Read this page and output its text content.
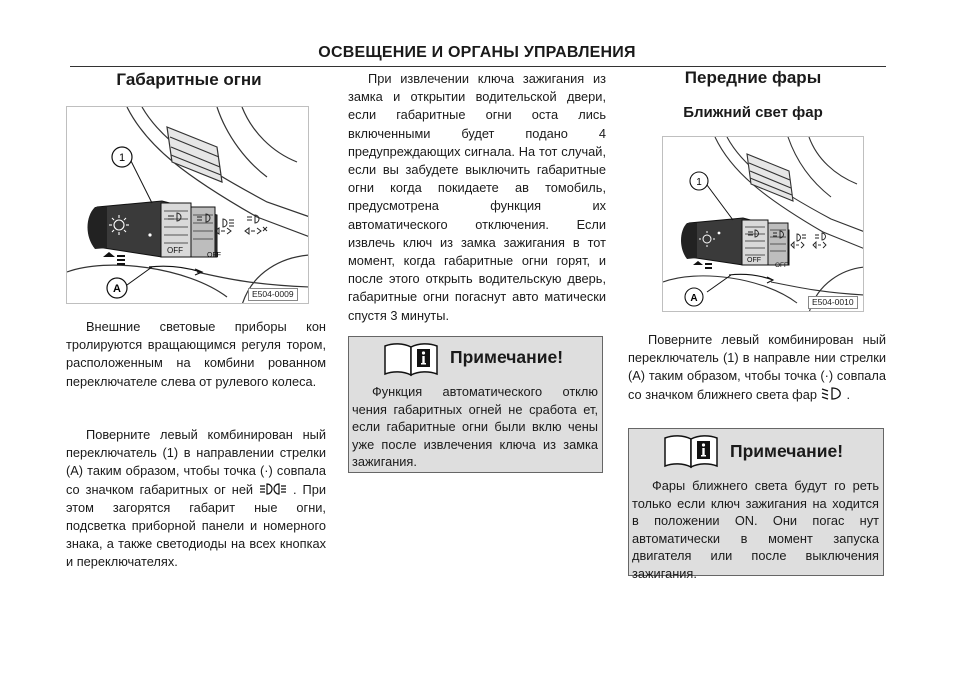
ОСВЕЩЕНИЕ И ОРГАНЫ УПРАВЛЕНИЯ
Габаритные огни
OFF
OFF
1
A	E504-0009
Внешние световые приборы кон тролируются вращающимся регуля тором, расположенным на комбини рованном переключателе слева от рулевого колеса.
Поверните левый комбинирован ный переключатель (1) в направлении стрелки (A) таким образом, чтобы точка (·) совпала со значком габаритных ог ней	. При этом загорятся габарит ные огни, подсветка приборной панели и номерного знака, а также светодиоды на всех кнопках и переключателях.
При извлечении ключа зажигания из замка и открытии водительской двери, если габаритные огни оста лись включенными будет подано 4 предупреждающих сигнала. На тот случай, если вы забудете выключить габаритные огни когда покидаете ав томобиль, предусмотрена функция их автоматического отключения. Если извлечь ключ из замка зажигания в тот момент, когда габаритные огни горят, и после этого открыть водительскую дверь, габаритные огни погаснут авто матически спустя 3 минуты.
Примечание!
Функция автоматического отклю чения габаритных огней не сработа ет, если габаритные огни были вклю чены уже после извлечения ключа из замка зажигания.
Передние фары
Ближний свет фар
OFF
OFF
1
A	E504-0010
Поверните левый комбинирован ный переключатель (1) в направле нии стрелки (A) таким образом, чтобы точка (·) совпала со значком ближнего света фар .
Примечание!
Фары ближнего света будут го реть только если ключ зажигания на ходится в положении ON. Они погас нут автоматически в момент запуска двигателя или после выключения зажигания.
